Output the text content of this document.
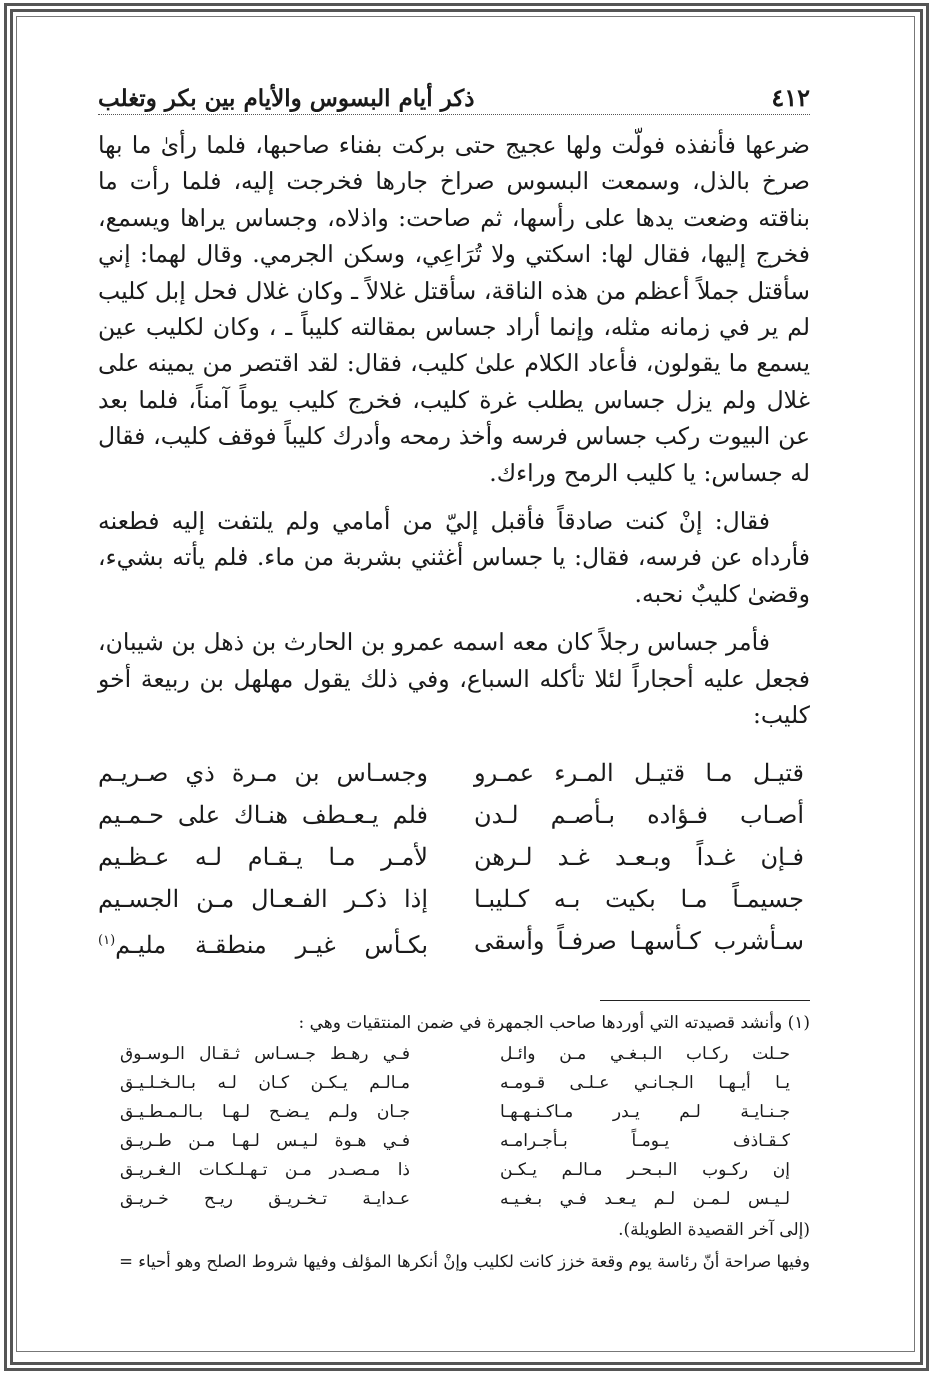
٤١٢
ذكر أيام البسوس والأيام بين بكر وتغلب

ضرعها فأنفذه فولّت ولها عجيج حتى بركت بفناء صاحبها، فلما رأىٰ ما بها صرخ بالذل، وسمعت البسوس صراخ جارها فخرجت إليه، فلما رأت ما بناقته وضعت يدها على رأسها، ثم صاحت: واذلاه، وجساس يراها ويسمع، فخرج إليها، فقال لها: اسكتي ولا تُرَاعِي، وسكن الجرمي. وقال لهما: إني سأقتل جملاً أعظم من هذه الناقة، سأقتل غلالاً ـ وكان غلال فحل إبل كليب لم ير في زمانه مثله، وإنما أراد جساس بمقالته كليباً ـ ، وكان لكليب عين يسمع ما يقولون، فأعاد الكلام علىٰ كليب، فقال: لقد اقتصر من يمينه على غلال ولم يزل جساس يطلب غرة كليب، فخرج كليب يوماً آمناً، فلما بعد عن البيوت ركب جساس فرسه وأخذ رمحه وأدرك كليباً فوقف كليب، فقال له جساس: يا كليب الرمح وراءك.

فقال: إنْ كنت صادقاً فأقبل إليّ من أمامي ولم يلتفت إليه فطعنه فأرداه عن فرسه، فقال: يا جساس أغثني بشربة من ماء. فلم يأته بشيء، وقضىٰ كليبٌ نحبه.

فأمر جساس رجلاً كان معه اسمه عمرو بن الحارث بن ذهل بن شيبان، فجعل عليه أحجاراً لئلا تأكله السباع، وفي ذلك يقول مهلهل بن ربيعة أخو كليب:

قتيـل مـا قتيـل المـرء عمـرو
وجسـاس بن مـرة ذي صـريـم
أصـاب فـؤاده بـأصـم لـدن
فلم يـعـطف هنـاك على حـمـيم
فـإن غـداً وبـعـد غـد لـرهن
لأمـر مـا يـقـام لـه عـظـيم
جسيمـاً مـا بكيت بـه كـليبـا
إذا ذكـر الفـعـال مـن الجسـيم
سـأشرب كـأسهـا صرفـاً وأسقى
بكـأس غيـر منطقـة مليـم$^{(١)}$

(١) وأنشد قصيدته التي أوردها صاحب الجمهرة في ضمن المنتقيات وهي :

حـلت ركـاب الـبـغـي مـن وائـل
فـي رهـط جـسـاس ثـقـال الـوسـوق
يـا أيـهـا الـجـانـي عـلـى قـومـه
مـالـم يـكـن كـان لـه بـالـخـلـيـق
جـنـايـة لـم يـدر مـاكـنـهـهـا
جـان ولـم يـضـح لـهـا بـالـمـطـيـق
كـقـاذف يـومـاً بـأجـرامـه
فـي هـوة لـيـس لـهـا مـن طـريـق
إن ركـوب الـبـحـر مـالـم يـكـن
ذا مـصـدر مـن تـهـلـكـات الـغـريـق
لـيـس لـمـن لـم يـعـد فـي بـغـيـه
عـدايـة تـخـريـق ريـح خـريـق

(إلى آخر القصيدة الطويلة).

وفيها صراحة أنّ رئاسة يوم وقعة خزز كانت لكليب وإنْ أنكرها المؤلف وفيها شروط الصلح وهو أحياء =
